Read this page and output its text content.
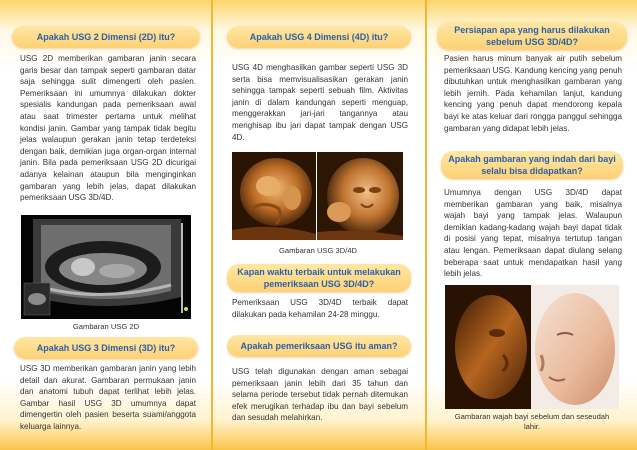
Apakah USG 2 Dimensi (2D) itu?
USG 2D memberikan gambaran janin secara garis besar dan tampak seperti gambaran datar saja sehingga sulit dimengerti oleh pasien. Pemeriksaan ini umumnya dilakukan dokter spesialis kandungan pada pemeriksaan awal atau saat trimester pertama untuk melihat kondisi janin. Gambar yang tampak tidak begitu jelas walaupun gerakan janin tetap terdeteksi dengan baik, demikian juga organ-organ internal janin. Bila pada pemeriksaan USG 2D dicurigai adanya kelainan ataupun bila menginginkan gambaran yang lebih jelas, dapat dilakukan pemeriksaan USG 3D/4D.
Gambaran USG 2D
Apakah USG 3 Dimensi (3D) itu?
USG 3D memberikan gambaran janin yang lebih detail dan akurat. Gambaran permukaan janin dan anatomi tubuh dapat terlihat lebih jelas. Gambar hasil USG 3D umumnya dapat dimengertin oleh pasien beserta suami/anggota keluarga lainnya.
Apakah USG 4 Dimensi (4D) itu?
USG 4D menghasilkan gambar seperti USG 3D serta bisa memvisualisasikan gerakan janin sehingga tampak seperti sebuah film. Aktivitas janin di dalam kandungan seperti menguap, menggerakkan jari-jari tangannya atau menghisap ibu jari dapat tampak dengan USG 4D.
Gambaran USG 3D/4D
Kapan waktu terbaik untuk melakukan pemeriksaan USG 3D/4D?
Pemeriksaan USG 3D/4D terbaik dapat dilakukan pada kehamilan 24-28 minggu.
Apakah pemeriksaan USG itu aman?
USG telah digunakan dengan aman sebagai pemeriksaan janin lebih dari 35 tahun dan selama periode tersebut tidak pernah ditemukan efek merugikan terhadap ibu dan bayi sebelum dan sesudah melahirkan.
Persiapan apa yang harus dilakukan sebelum USG 3D/4D?
Pasien harus minum banyak air putih sebelum pemeriksaan USG. Kandung kencing yang penuh dibutuhkan untuk menghasilkan gambaran yang lebih jernih. Pada kehamilan lanjut, kandung kencing yang penuh dapat mendorong kepala bayi ke atas keluar dari rongga panggul sehingga gambaran yang didapat lebih jelas.
Apakah gambaran yang indah dari bayi selalu bisa didapatkan?
Umumnya dengan USG 3D/4D dapat memberikan gambaran yang baik, misalnya wajah bayi yang tampak jelas. Walaupun demikian kadang-kadang wajah bayi dapat tidak di posisi yang tepat, misalnya tertutup tangan atau lengan. Pemeriksaan dapat diulang selang beberapa saat untuk mendapatkan hasil yang lebih jelas.
Gambaran wajah bayi sebelum dan seseudah lahir.
